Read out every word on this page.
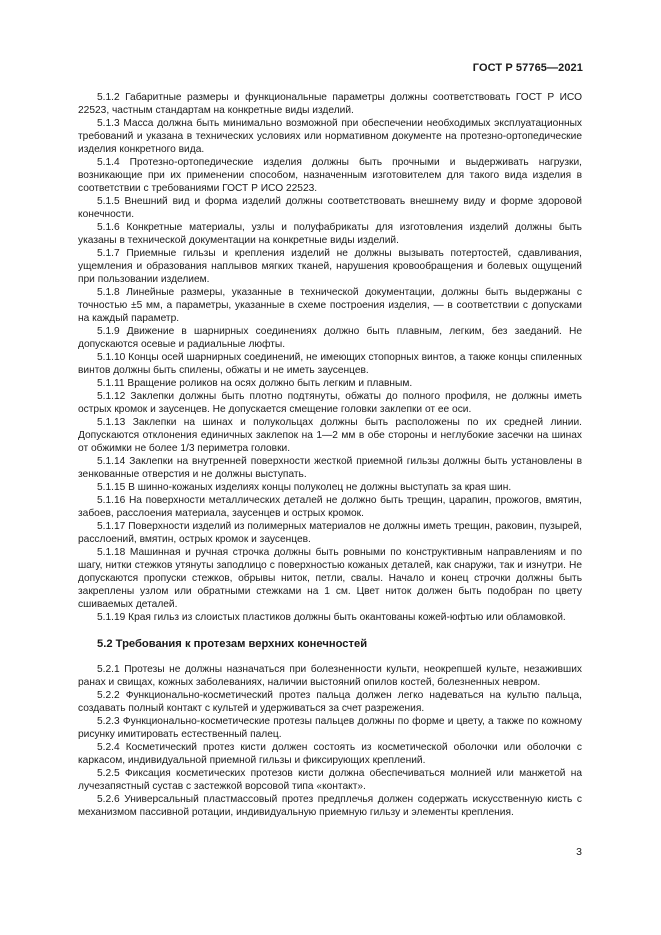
ГОСТ Р 57765—2021

5.1.2 Габаритные размеры и функциональные параметры должны соответствовать ГОСТ Р ИСО 22523, частным стандартам на конкретные виды изделий.

5.1.3 Масса должна быть минимально возможной при обеспечении необходимых эксплуатационных требований и указана в технических условиях или нормативном документе на протезно-ортопедические изделия конкретного вида.

5.1.4 Протезно-ортопедические изделия должны быть прочными и выдерживать нагрузки, возникающие при их применении способом, назначенным изготовителем для такого вида изделия в соответствии с требованиями ГОСТ Р ИСО 22523.

5.1.5 Внешний вид и форма изделий должны соответствовать внешнему виду и форме здоровой конечности.

5.1.6 Конкретные материалы, узлы и полуфабрикаты для изготовления изделий должны быть указаны в технической документации на конкретные виды изделий.

5.1.7 Приемные гильзы и крепления изделий не должны вызывать потертостей, сдавливания, ущемления и образования наплывов мягких тканей, нарушения кровообращения и болевых ощущений при пользовании изделием.

5.1.8 Линейные размеры, указанные в технической документации, должны быть выдержаны с точностью ±5 мм, а параметры, указанные в схеме построения изделия, — в соответствии с допусками на каждый параметр.

5.1.9 Движение в шарнирных соединениях должно быть плавным, легким, без заеданий. Не допускаются осевые и радиальные люфты.

5.1.10 Концы осей шарнирных соединений, не имеющих стопорных винтов, а также концы спиленных винтов должны быть спилены, обжаты и не иметь заусенцев.

5.1.11 Вращение роликов на осях должно быть легким и плавным.

5.1.12 Заклепки должны быть плотно подтянуты, обжаты до полного профиля, не должны иметь острых кромок и заусенцев. Не допускается смещение головки заклепки от ее оси.

5.1.13 Заклепки на шинах и полукольцах должны быть расположены по их средней линии. Допускаются отклонения единичных заклепок на 1—2 мм в обе стороны и неглубокие засечки на шинах от обжимки не более 1/3 периметра головки.

5.1.14 Заклепки на внутренней поверхности жесткой приемной гильзы должны быть установлены в зенкованные отверстия и не должны выступать.

5.1.15 В шинно-кожаных изделиях концы полуколец не должны выступать за края шин.

5.1.16 На поверхности металлических деталей не должно быть трещин, царапин, прожогов, вмятин, забоев, расслоения материала, заусенцев и острых кромок.

5.1.17 Поверхности изделий из полимерных материалов не должны иметь трещин, раковин, пузырей, расслоений, вмятин, острых кромок и заусенцев.

5.1.18 Машинная и ручная строчка должны быть ровными по конструктивным направлениям и по шагу, нитки стежков утянуты заподлицо с поверхностью кожаных деталей, как снаружи, так и изнутри. Не допускаются пропуски стежков, обрывы ниток, петли, свалы. Начало и конец строчки должны быть закреплены узлом или обратными стежками на 1 см. Цвет ниток должен быть подобран по цвету сшиваемых деталей.

5.1.19 Края гильз из слоистых пластиков должны быть окантованы кожей-юфтью или обламовкой.

5.2 Требования к протезам верхних конечностей

5.2.1 Протезы не должны назначаться при болезненности культи, неокрепшей культе, незаживших ранах и свищах, кожных заболеваниях, наличии выстояний опилов костей, болезненных невром.

5.2.2 Функционально-косметический протез пальца должен легко надеваться на культю пальца, создавать полный контакт с культей и удерживаться за счет разрежения.

5.2.3 Функционально-косметические протезы пальцев должны по форме и цвету, а также по кожному рисунку имитировать естественный палец.

5.2.4 Косметический протез кисти должен состоять из косметической оболочки или оболочки с каркасом, индивидуальной приемной гильзы и фиксирующих креплений.

5.2.5 Фиксация косметических протезов кисти должна обеспечиваться молнией или манжетой на лучезапястный сустав с застежкой ворсовой типа «контакт».

5.2.6 Универсальный пластмассовый протез предплечья должен содержать искусственную кисть с механизмом пассивной ротации, индивидуальную приемную гильзу и элементы крепления.

3
